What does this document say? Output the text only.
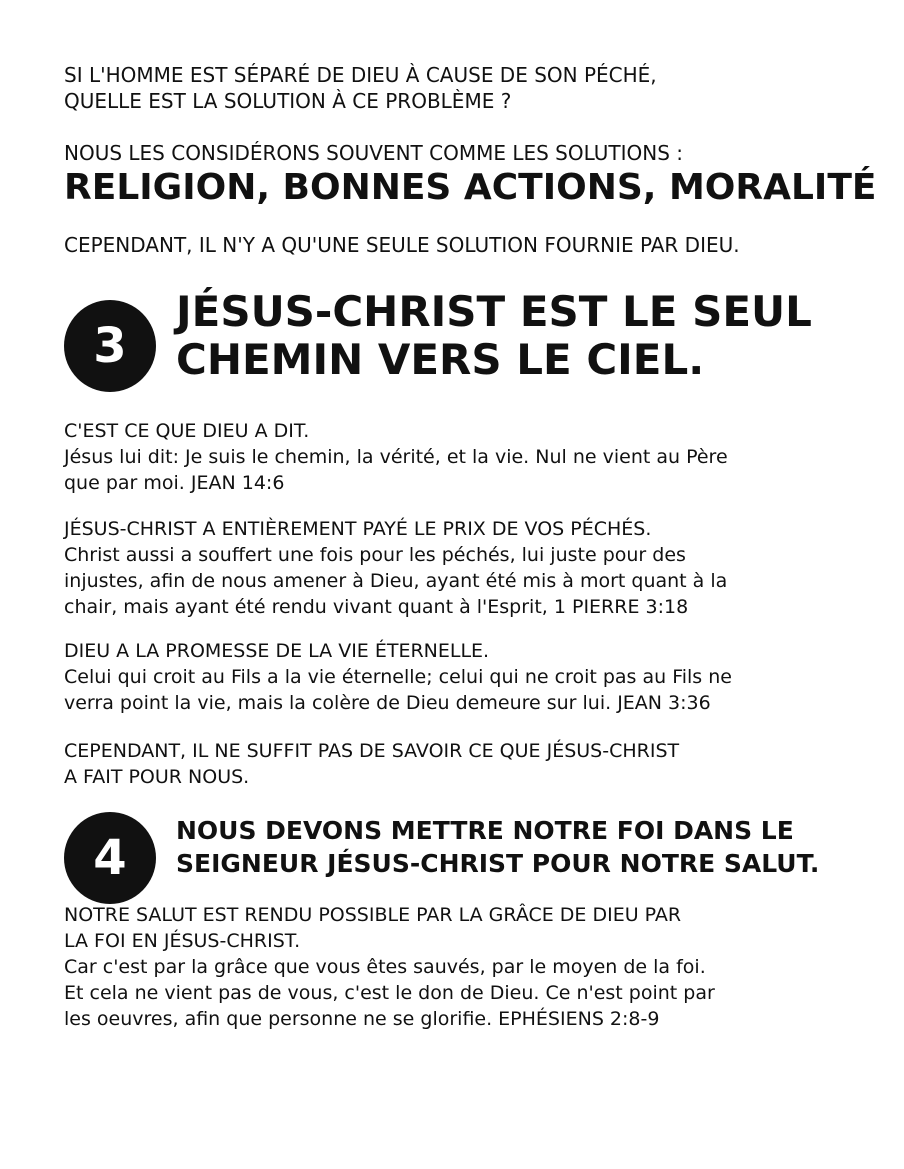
SI L'HOMME EST SÉPARÉ DE DIEU À CAUSE DE SON PÉCHÉ,
QUELLE EST LA SOLUTION À CE PROBLÈME ?

NOUS LES CONSIDÉRONS SOUVENT COMME LES SOLUTIONS :

RELIGION, BONNES ACTIONS, MORALITÉ

CEPENDANT, IL N'Y A QU'UNE SEULE SOLUTION FOURNIE PAR DIEU.

3
JÉSUS-CHRIST EST LE SEUL
CHEMIN VERS LE CIEL.

C'EST CE QUE DIEU A DIT.
Jésus lui dit: Je suis le chemin, la vérité, et la vie. Nul ne vient au Père
que par moi. JEAN 14:6

JÉSUS-CHRIST A ENTIÈREMENT PAYÉ LE PRIX DE VOS PÉCHÉS.
Christ aussi a souffert une fois pour les péchés, lui juste pour des
injustes, afin de nous amener à Dieu, ayant été mis à mort quant à la
chair, mais ayant été rendu vivant quant à l'Esprit, 1 PIERRE 3:18

DIEU A LA PROMESSE DE LA VIE ÉTERNELLE.
Celui qui croit au Fils a la vie éternelle; celui qui ne croit pas au Fils ne
verra point la vie, mais la colère de Dieu demeure sur lui. JEAN 3:36

CEPENDANT, IL NE SUFFIT PAS DE SAVOIR CE QUE JÉSUS-CHRIST
A FAIT POUR NOUS.

4	NOUS DEVONS METTRE NOTRE FOI DANS LE
SEIGNEUR JÉSUS-CHRIST POUR NOTRE SALUT.

NOTRE SALUT EST RENDU POSSIBLE PAR LA GRÂCE DE DIEU PAR
LA FOI EN JÉSUS-CHRIST.
Car c'est par la grâce que vous êtes sauvés, par le moyen de la foi.
Et cela ne vient pas de vous, c'est le don de Dieu. Ce n'est point par
les oeuvres, afin que personne ne se glorifie. EPHÉSIENS 2:8-9
